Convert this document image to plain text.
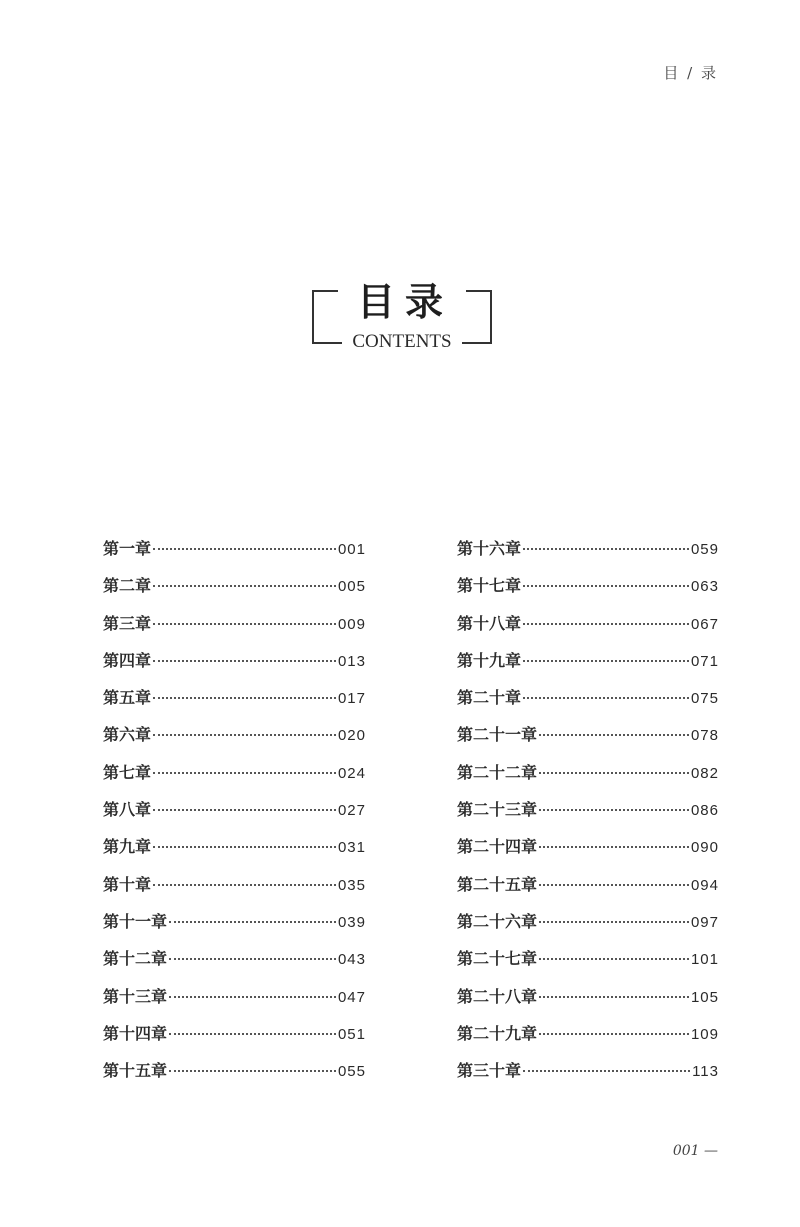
目 / 录
目录
CONTENTS
第一章	001
第二章	005
第三章	009
第四章	013
第五章	017
第六章	020
第七章	024
第八章	027
第九章	031
第十章	035
第十一章	039
第十二章	043
第十三章	047
第十四章	051
第十五章	055
第十六章	059
第十七章	063
第十八章	067
第十九章	071
第二十章	075
第二十一章	078
第二十二章	082
第二十三章	086
第二十四章	090
第二十五章	094
第二十六章	097
第二十七章	101
第二十八章	105
第二十九章	109
第三十章	113
001 —
